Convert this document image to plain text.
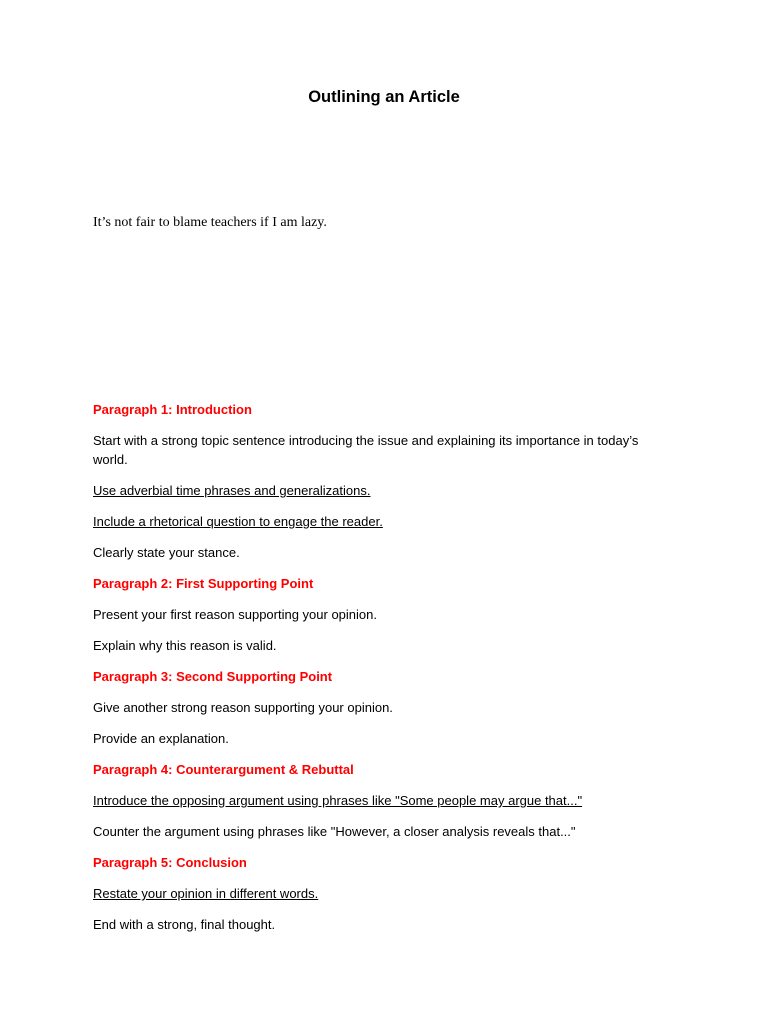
Outlining an Article

It’s not fair to blame teachers if I am lazy.

Paragraph 1: Introduction

Start with a strong topic sentence introducing the issue and explaining its importance in today’s world.

Use adverbial time phrases and generalizations.

Include a rhetorical question to engage the reader.

Clearly state your stance.

Paragraph 2: First Supporting Point

Present your first reason supporting your opinion.

Explain why this reason is valid.

Paragraph 3: Second Supporting Point

Give another strong reason supporting your opinion.

Provide an explanation.

Paragraph 4: Counterargument & Rebuttal

Introduce the opposing argument using phrases like "Some people may argue that..."

Counter the argument using phrases like "However, a closer analysis reveals that..."

Paragraph 5: Conclusion

Restate your opinion in different words.

End with a strong, final thought.
